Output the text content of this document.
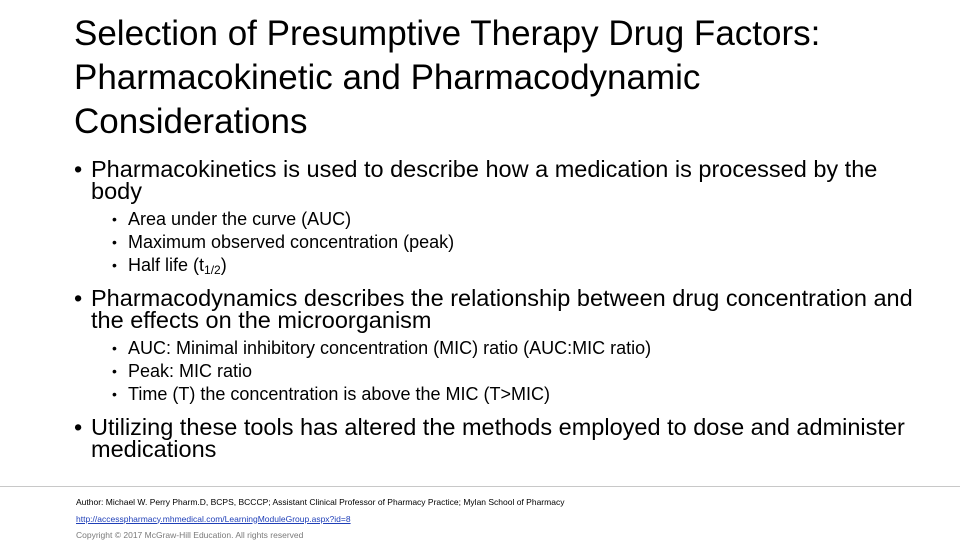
Selection of Presumptive Therapy Drug Factors:
Pharmacokinetic and Pharmacodynamic
Considerations
• Pharmacokinetics is used to describe how a medication is processed by the body
• Area under the curve (AUC)
• Maximum observed concentration (peak)
• Half life $(t_{1/2})$
• Pharmacodynamics describes the relationship between drug concentration and the effects on the microorganism
• AUC: Minimal inhibitory concentration (MIC) ratio (AUC:MIC ratio)
• Peak: MIC ratio
• Time (T) the concentration is above the MIC (T>MIC)
• Utilizing these tools has altered the methods employed to dose and administer medications
Author: Michael W. Perry Pharm.D, BCPS, BCCCP; Assistant Clinical Professor of Pharmacy Practice; Mylan School of Pharmacy
http://accesspharmacy.mhmedical.com/LearningModuleGroup.aspx?id=8
Copyright © 2017 McGraw-Hill Education. All rights reserved
